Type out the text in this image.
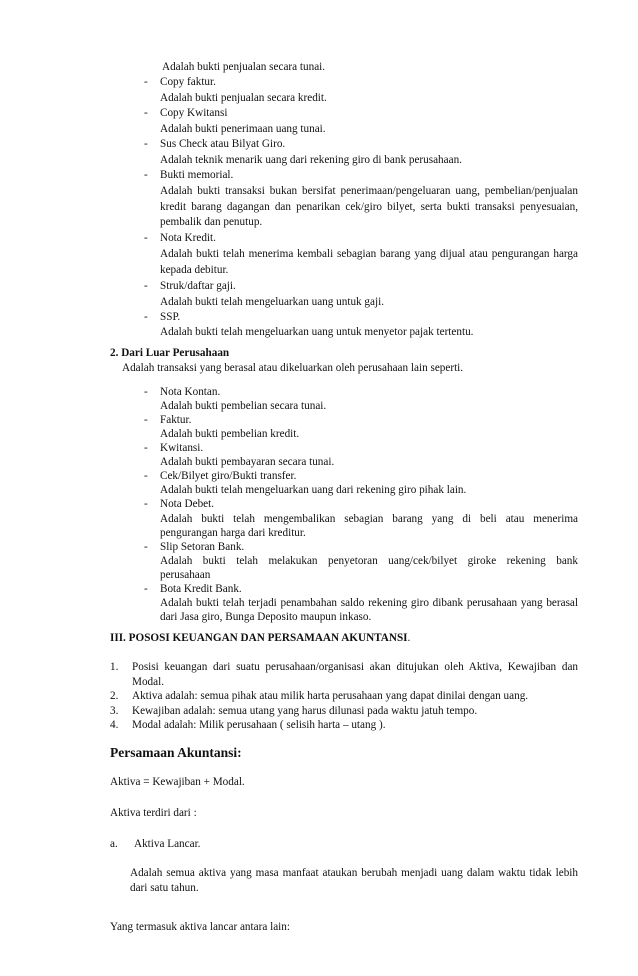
Adalah bukti penjualan secara tunai.
- Copy faktur.
Adalah bukti penjualan secara kredit.
- Copy Kwitansi
Adalah bukti penerimaan uang tunai.
- Sus Check atau Bilyat Giro.
Adalah teknik menarik uang dari rekening giro di bank perusahaan.
- Bukti memorial.
Adalah bukti transaksi bukan bersifat penerimaan/pengeluaran uang, pembelian/penjualan
kredit barang dagangan dan penarikan cek/giro bilyet, serta bukti transaksi penyesuaian,
pembalik dan penutup.
- Nota Kredit.
Adalah bukti telah menerima kembali sebagian barang yang dijual atau pengurangan harga
kepada debitur.
- Struk/daftar gaji.
Adalah bukti telah mengeluarkan uang untuk gaji.
- SSP.
Adalah bukti telah mengeluarkan uang untuk menyetor pajak tertentu.
2. Dari Luar Perusahaan
Adalah transaksi yang berasal atau dikeluarkan oleh perusahaan lain seperti.
- Nota Kontan.
Adalah bukti pembelian secara tunai.
- Faktur.
Adalah bukti pembelian kredit.
- Kwitansi.
Adalah bukti pembayaran secara tunai.
- Cek/Bilyet giro/Bukti transfer.
Adalah bukti telah mengeluarkan uang dari rekening giro pihak lain.
- Nota Debet.
Adalah bukti telah mengembalikan sebagian barang yang di beli atau menerima
pengurangan harga dari kreditur.
- Slip Setoran Bank.
Adalah bukti telah melakukan penyetoran uang/cek/bilyet giroke rekening bank
perusahaan
- Bota Kredit Bank.
Adalah bukti telah terjadi penambahan saldo rekening giro dibank perusahaan yang berasal
dari Jasa giro, Bunga Deposito maupun inkaso.
III. POSOSI KEUANGAN DAN PERSAMAAN AKUNTANSI.
1. Posisi keuangan dari suatu perusahaan/organisasi akan ditujukan oleh Aktiva, Kewajiban dan
Modal.
2. Aktiva adalah: semua pihak atau milik harta perusahaan yang dapat dinilai dengan uang.
3. Kewajiban adalah: semua utang yang harus dilunasi pada waktu jatuh tempo.
4. Modal adalah: Milik perusahaan ( selisih harta – utang ).
Persamaan Akuntansi:
Aktiva = Kewajiban + Modal.
Aktiva terdiri dari :
a. Aktiva Lancar.
Adalah semua aktiva yang masa manfaat ataukan berubah menjadi uang dalam waktu tidak lebih
dari satu tahun.
Yang termasuk aktiva lancar antara lain:
